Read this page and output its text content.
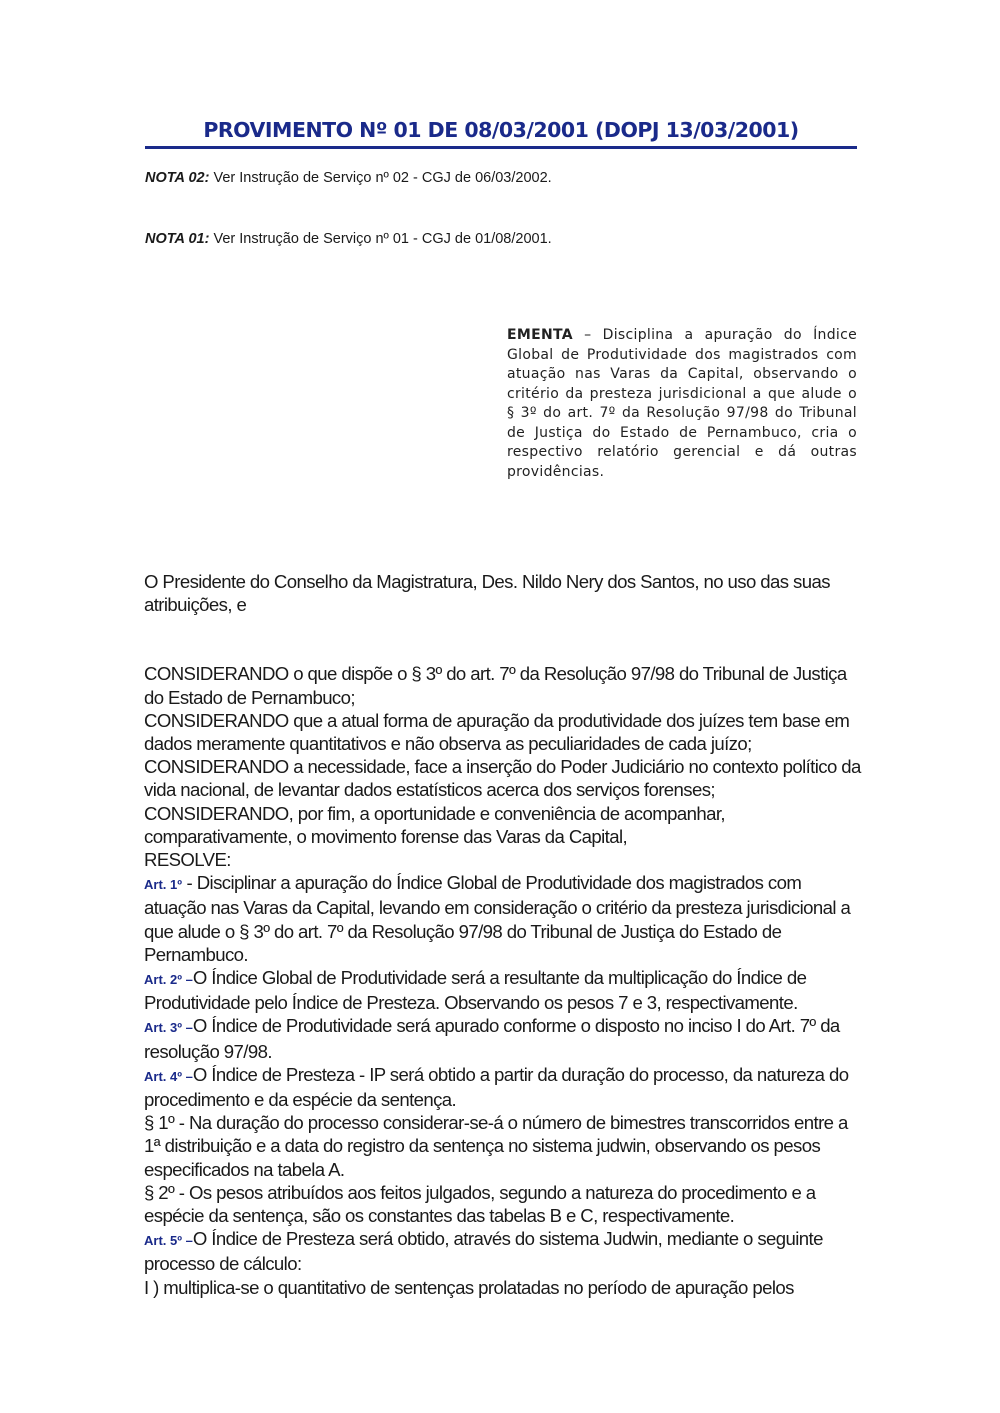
PROVIMENTO Nº 01 DE 08/03/2001 (DOPJ 13/03/2001)
NOTA 02: Ver Instrução de Serviço nº 02 - CGJ de 06/03/2002.
NOTA 01: Ver Instrução de Serviço nº 01 - CGJ de 01/08/2001.
EMENTA – Disciplina a apuração do Índice Global de Produtividade dos magistrados com atuação nas Varas da Capital, observando o critério da presteza jurisdicional a que alude o § 3º do art. 7º da Resolução 97/98 do Tribunal de Justiça do Estado de Pernambuco, cria o respectivo relatório gerencial e dá outras providências.

O Presidente do Conselho da Magistratura, Des. Nildo Nery dos Santos, no uso das suas atribuições, e

CONSIDERANDO o que dispõe o § 3º do art. 7º da Resolução 97/98 do Tribunal de Justiça do Estado de Pernambuco;

CONSIDERANDO que a atual forma de apuração da produtividade dos juízes tem base em dados meramente quantitativos e não observa as peculiaridades de cada juízo;

CONSIDERANDO a necessidade, face a inserção do Poder Judiciário no contexto político da vida nacional, de levantar dados estatísticos acerca dos serviços forenses;

CONSIDERANDO, por fim, a oportunidade e conveniência de acompanhar, comparativamente, o movimento forense das Varas da Capital,

RESOLVE:

Art. 1º - Disciplinar a apuração do Índice Global de Produtividade dos magistrados com atuação nas Varas da Capital, levando em consideração o critério da presteza jurisdicional a que alude o § 3º do art. 7º da Resolução 97/98 do Tribunal de Justiça do Estado de Pernambuco.

Art. 2º –O Índice Global de Produtividade será a resultante da multiplicação do Índice de Produtividade pelo Índice de Presteza. Observando os pesos 7 e 3, respectivamente.

Art. 3º –O Índice de Produtividade será apurado conforme o disposto no inciso I do Art. 7º da resolução 97/98.

Art. 4º –O Índice de Presteza - IP será obtido a partir da duração do processo, da natureza do procedimento e da espécie da sentença.

§ 1º - Na duração do processo considerar-se-á o número de bimestres transcorridos entre a 1ª distribuição e a data do registro da sentença no sistema judwin, observando os pesos especificados na tabela A.

§ 2º - Os pesos atribuídos aos feitos julgados, segundo a natureza do procedimento e a espécie da sentença, são os constantes das tabelas B e C, respectivamente.

Art. 5º –O Índice de Presteza será obtido, através do sistema Judwin, mediante o seguinte processo de cálculo:

I ) multiplica-se o quantitativo de sentenças prolatadas no período de apuração pelos
